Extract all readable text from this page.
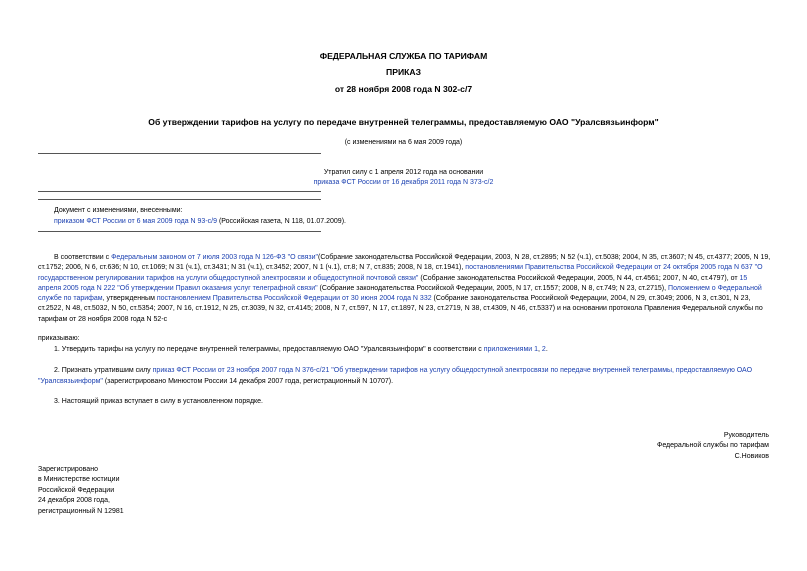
ФЕДЕРАЛЬНАЯ СЛУЖБА ПО ТАРИФАМ
ПРИКАЗ
от 28 ноября 2008 года N 302-с/7
Об утверждении тарифов на услугу по передаче внутренней телеграммы, предоставляемую ОАО "Уралсвязьинформ"
(с изменениями на 6 мая 2009 года)
Утратил силу с 1 апреля 2012 года на основании
приказа ФСТ России от 16 декабря 2011 года N 373-с/2
Документ с изменениями, внесенными:
приказом ФСТ России от 6 мая 2009 года N 93-с/9 (Российская газета, N 118, 01.07.2009).
В соответствии с Федеральным законом от 7 июля 2003 года N 126-ФЗ "О связи"(Собрание законодательства Российской Федерации, 2003, N 28, ст.2895; N 52 (ч.1), ст.5038; 2004, N 35, ст.3607; N 45, ст.4377; 2005, N 19, ст.1752; 2006, N 6, ст.636; N 10, ст.1069; N 31 (ч.1), ст.3431; N 31 (ч.1), ст.3452; 2007, N 1 (ч.1), ст.8; N 7, ст.835; 2008, N 18, ст.1941), постановлениями Правительства Российской Федерации от 24 октября 2005 года N 637 "О государственном регулировании тарифов на услуги общедоступной электросвязи и общедоступной почтовой связи" (Собрание законодательства Российской Федерации, 2005, N 44, ст.4561; 2007, N 40, ст.4797), от 15 апреля 2005 года N 222 "Об утверждении Правил оказания услуг телеграфной связи" (Собрание законодательства Российской Федерации, 2005, N 17, ст.1557; 2008, N 8, ст.749; N 23, ст.2715), Положением о Федеральной службе по тарифам, утвержденным постановлением Правительства Российской Федерации от 30 июня 2004 года N 332 (Собрание законодательства Российской Федерации, 2004, N 29, ст.3049; 2006, N 3, ст.301, N 23, ст.2522, N 48, ст.5032, N 50, ст.5354; 2007, N 16, ст.1912, N 25, ст.3039, N 32, ст.4145; 2008, N 7, ст.597, N 17, ст.1897, N 23, ст.2719, N 38, ст.4309, N 46, ст.5337) и на основании протокола Правления Федеральной службы по тарифам от 28 ноября 2008 года N 52-с
приказываю:
1. Утвердить тарифы на услугу по передаче внутренней телеграммы, предоставляемую ОАО "Уралсвязьинформ" в соответствии с приложениями 1, 2.
2. Признать утратившим силу приказ ФСТ России от 23 ноября 2007 года N 376-с/21 "Об утверждении тарифов на услугу общедоступной электросвязи по передаче внутренней телеграммы, предоставляемую ОАО "Уралсвязьинформ" (зарегистрировано Минюстом России 14 декабря 2007 года, регистрационный N 10707).
3. Настоящий приказ вступает в силу в установленном порядке.
Руководитель
Федеральной службы по тарифам
С.Новиков
Зарегистрировано
в Министерстве юстиции
Российской Федерации
24 декабря 2008 года,
регистрационный N 12981
